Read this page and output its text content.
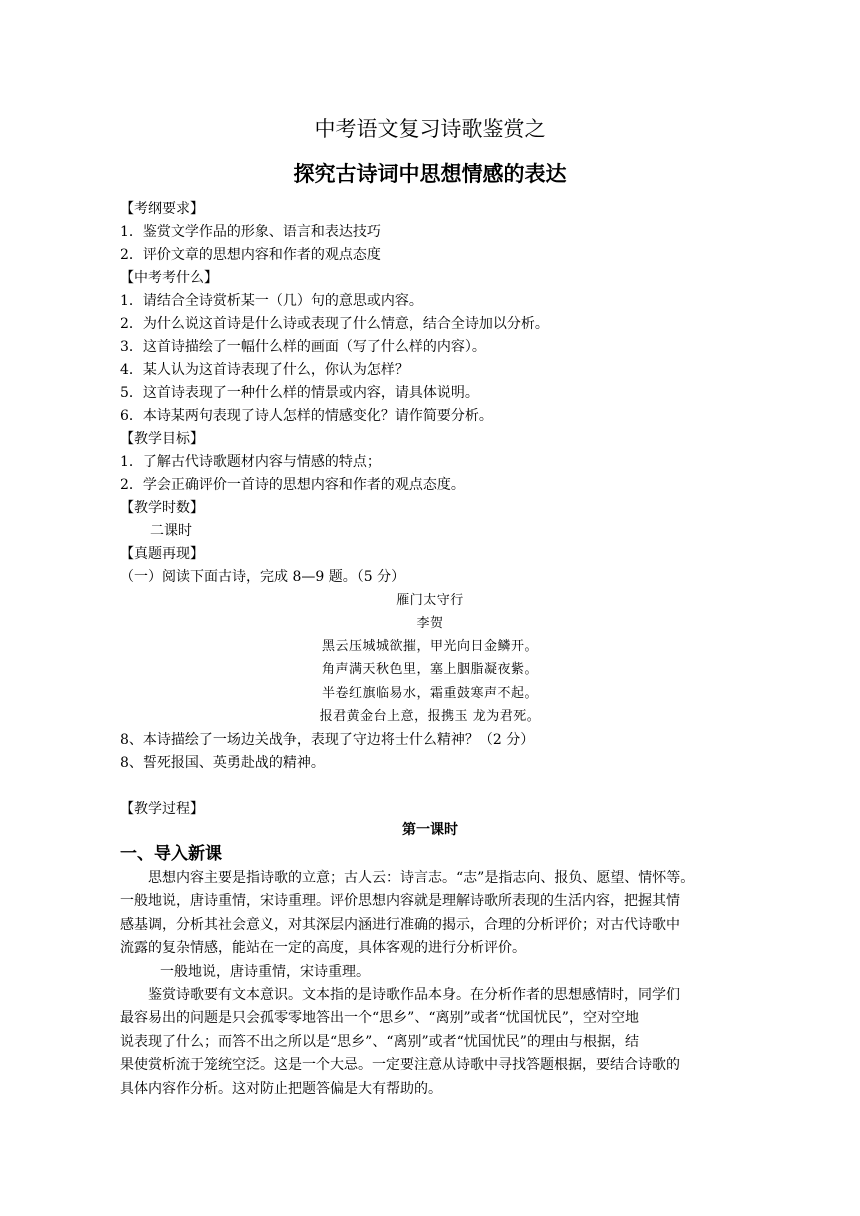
中考语文复习诗歌鉴赏之
探究古诗词中思想情感的表达
【考纲要求】
1．鉴赏文学作品的形象、语言和表达技巧
2．评价文章的思想内容和作者的观点态度
【中考考什么】
1．请结合全诗赏析某一（几）句的意思或内容。
2．为什么说这首诗是什么诗或表现了什么情意，结合全诗加以分析。
3．这首诗描绘了一幅什么样的画面（写了什么样的内容）。
4．某人认为这首诗表现了什么，你认为怎样？
5．这首诗表现了一种什么样的情景或内容，请具体说明。
6．本诗某两句表现了诗人怎样的情感变化？请作简要分析。
【教学目标】
1．了解古代诗歌题材内容与情感的特点；
2．学会正确评价一首诗的思想内容和作者的观点态度。
【教学时数】
二课时
【真题再现】
（一）阅读下面古诗，完成 8—9 题。（5 分）
雁门太守行
李贺
黑云压城城欲摧，甲光向日金鳞开。
角声满天秋色里，塞上胭脂凝夜紫。
半卷红旗临易水，霜重鼓寒声不起。
报君黄金台上意，报携玉 龙为君死。
8、本诗描绘了一场边关战争，表现了守边将士什么精神？（2 分）
8、誓死报国、英勇赴战的精神。
【教学过程】
第一课时
一、导入新课
思想内容主要是指诗歌的立意；古人云：诗言志。“志”是指志向、报负、愿望、情怀等。
一般地说，唐诗重情，宋诗重理。评价思想内容就是理解诗歌所表现的生活内容，把握其情
感基调，分析其社会意义，对其深层内涵进行准确的揭示，合理的分析评价；对古代诗歌中
流露的复杂情感，能站在一定的高度，具体客观的进行分析评价。
一般地说，唐诗重情，宋诗重理。
鉴赏诗歌要有文本意识。文本指的是诗歌作品本身。在分析作者的思想感情时，同学们
最容易出的问题是只会孤零零地答出一个“思乡”、“离别”或者“忧国忧民”，空对空地
说表现了什么；而答不出之所以是“思乡”、“离别”或者“忧国忧民”的理由与根据，结
果使赏析流于笼统空泛。这是一个大忌。一定要注意从诗歌中寻找答题根据，要结合诗歌的
具体内容作分析。这对防止把题答偏是大有帮助的。
